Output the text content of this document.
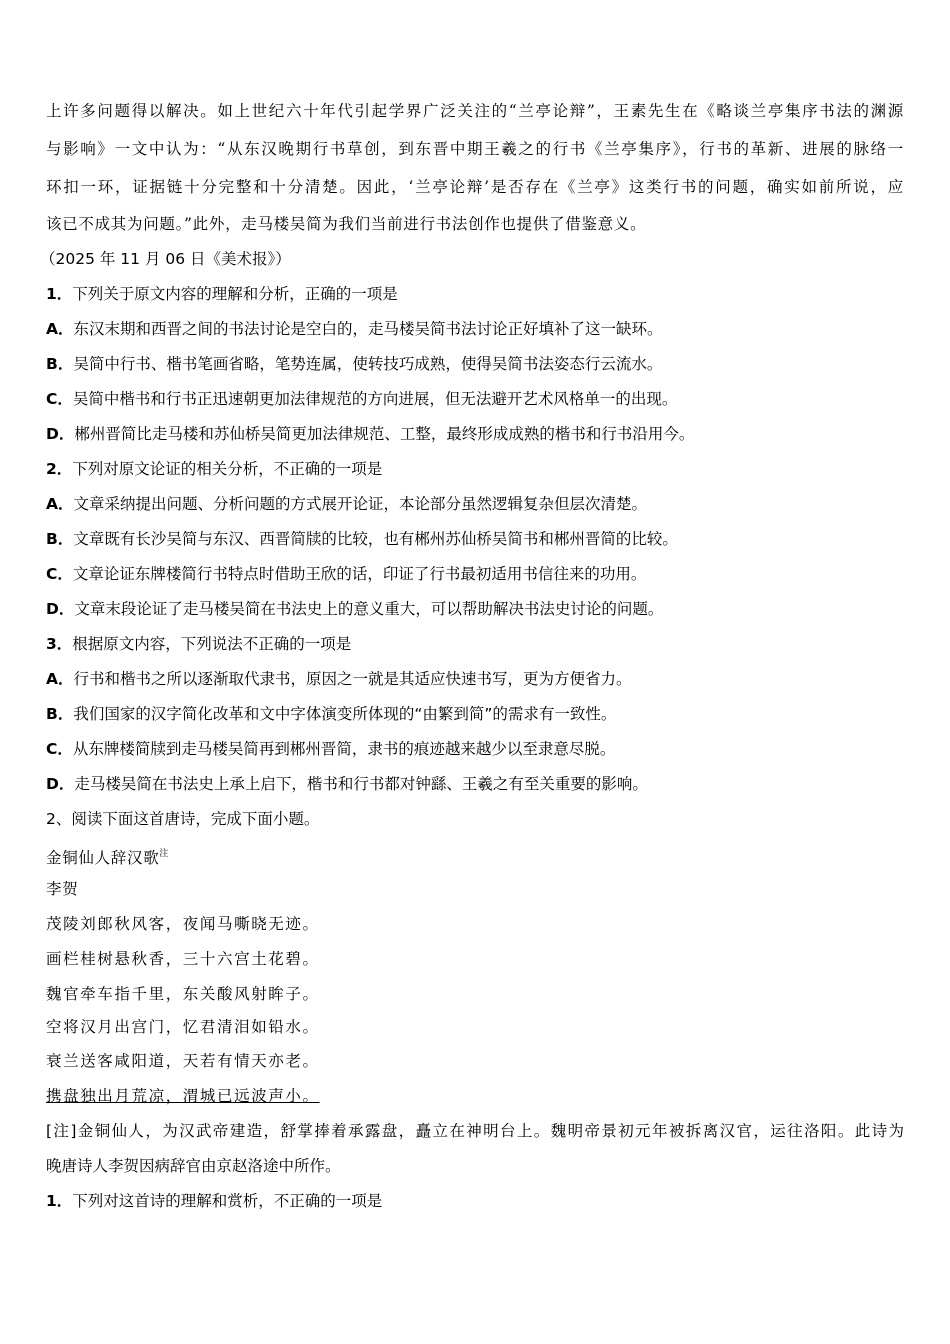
上许多问题得以解决。如上世纪六十年代引起学界广泛关注的“兰亭论辩”，王素先生在《略谈兰亭集序书法的渊源
与影响》一文中认为：“从东汉晚期行书草创，到东晋中期王羲之的行书《兰亭集序》，行书的革新、进展的脉络一
环扣一环，证据链十分完整和十分清楚。因此，‘兰亭论辩’是否存在《兰亭》这类行书的问题，确实如前所说，应
该已不成其为问题。”此外，走马楼吴简为我们当前进行书法创作也提供了借鉴意义。
（2025 年 11 月 06 日《美术报》）
1．下列关于原文内容的理解和分析，正确的一项是
A．东汉末期和西晋之间的书法讨论是空白的，走马楼吴简书法讨论正好填补了这一缺环。
B．吴简中行书、楷书笔画省略，笔势连属，使转技巧成熟，使得吴简书法姿态行云流水。
C．吴简中楷书和行书正迅速朝更加法律规范的方向进展，但无法避开艺术风格单一的出现。
D．郴州晋简比走马楼和苏仙桥吴简更加法律规范、工整，最终形成成熟的楷书和行书沿用今。
2．下列对原文论证的相关分析，不正确的一项是
A．文章采纳提出问题、分析问题的方式展开论证，本论部分虽然逻辑复杂但层次清楚。
B．文章既有长沙吴简与东汉、西晋简牍的比较，也有郴州苏仙桥吴简书和郴州晋简的比较。
C．文章论证东牌楼简行书特点时借助王欣的话，印证了行书最初适用书信往来的功用。
D．文章末段论证了走马楼吴简在书法史上的意义重大，可以帮助解决书法史讨论的问题。
3．根据原文内容，下列说法不正确的一项是
A．行书和楷书之所以逐渐取代隶书，原因之一就是其适应快速书写，更为方便省力。
B．我们国家的汉字简化改革和文中字体演变所体现的“由繁到简”的需求有一致性。
C．从东牌楼简牍到走马楼吴简再到郴州晋简，隶书的痕迹越来越少以至隶意尽脱。
D．走马楼吴简在书法史上承上启下，楷书和行书都对钟繇、王羲之有至关重要的影响。
2、阅读下面这首唐诗，完成下面小题。
金铜仙人辞汉歌$^注$
李贺
茂陵刘郎秋风客，夜闻马嘶晓无迹。
画栏桂树悬秋香，三十六宫土花碧。
魏官牵车指千里，东关酸风射眸子。
空将汉月出宫门，忆君清泪如铅水。
衰兰送客咸阳道，天若有情天亦老。
携盘独出月荒凉，渭城已远波声小。
[注]金铜仙人，为汉武帝建造，舒掌捧着承露盘，矗立在神明台上。魏明帝景初元年被拆离汉官，运往洛阳。此诗为
晚唐诗人李贺因病辞官由京赵洛途中所作。
1．下列对这首诗的理解和赏析，不正确的一项是
